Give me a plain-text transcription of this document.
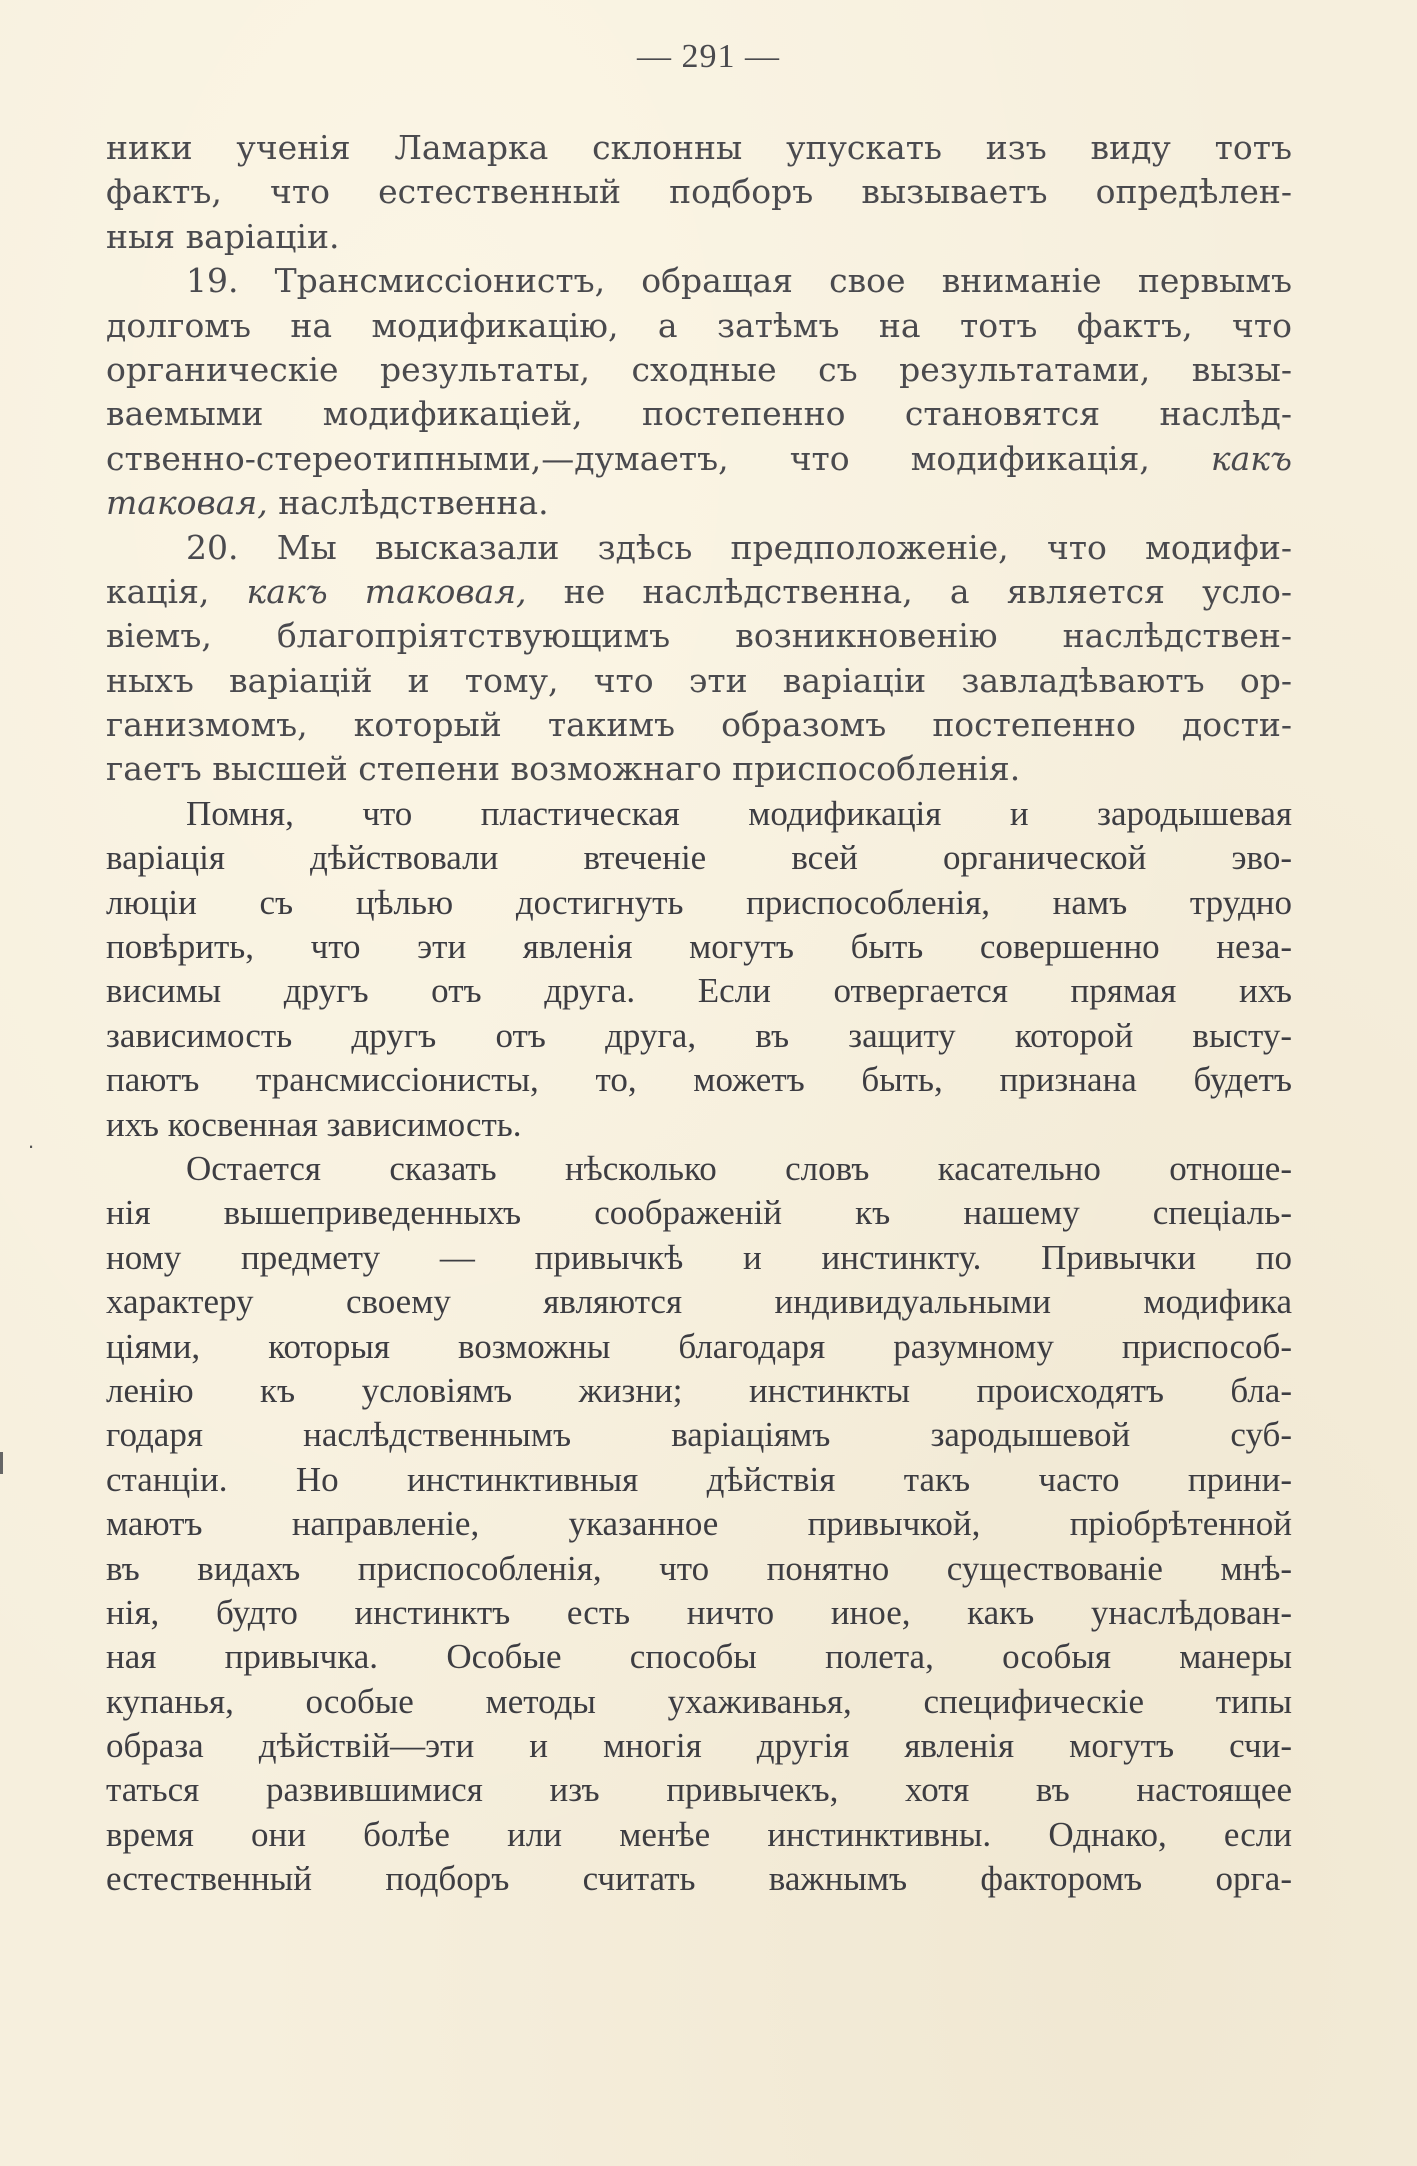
— 291 —
ники ученія Ламарка склонны упускать изъ виду тотъ
фактъ, что естественный подборъ вызываетъ опредѣлен-
ныя варіаціи.
19. Трансмиссіонистъ, обращая свое вниманіе первымъ
долгомъ на модификацію, а затѣмъ на тотъ фактъ, что
органическіе результаты, сходные съ результатами, вызы-
ваемыми модификаціей, постепенно становятся наслѣд-
ственно-стереотипными,—думаетъ, что модификація, какъ
таковая, наслѣдственна.
20. Мы высказали здѣсь предположеніе, что модифи-
кація, какъ таковая, не наслѣдственна, а является усло-
віемъ, благопріятствующимъ возникновенію наслѣдствен-
ныхъ варіацій и тому, что эти варіаціи завладѣваютъ ор-
ганизмомъ, который такимъ образомъ постепенно дости-
гаетъ высшей степени возможнаго приспособленія.
Помня, что пластическая модификація и зародышевая
варіація дѣйствовали втеченіе всей органической эво-
люціи съ цѣлью достигнуть приспособленія, намъ трудно
повѣрить, что эти явленія могутъ быть совершенно неза-
висимы другъ отъ друга. Если отвергается прямая ихъ
зависимость другъ отъ друга, въ защиту которой высту-
паютъ трансмиссіонисты, то, можетъ быть, признана будетъ
ихъ косвенная зависимость.
Остается сказать нѣсколько словъ касательно отноше-
нія вышеприведенныхъ соображеній къ нашему спеціаль-
ному предмету — привычкѣ и инстинкту. Привычки по
характеру своему являются индивидуальными модифика
ціями, которыя возможны благодаря разумному приспособ-
ленію къ условіямъ жизни; инстинкты происходятъ бла-
годаря наслѣдственнымъ варіаціямъ зародышевой суб-
станціи. Но инстинктивныя дѣйствія такъ часто прини-
маютъ направленіе, указанное привычкой, пріобрѣтенной
въ видахъ приспособленія, что понятно существованіе мнѣ-
нія, будто инстинктъ есть ничто иное, какъ унаслѣдован-
ная привычка. Особые способы полета, особыя манеры
купанья, особые методы ухаживанья, специфическіе типы
образа дѣйствій—эти и многія другія явленія могутъ счи-
таться развившимися изъ привычекъ, хотя въ настоящее
время они болѣе или менѣе инстинктивны. Однако, если
естественный подборъ считать важнымъ факторомъ орга-
.
